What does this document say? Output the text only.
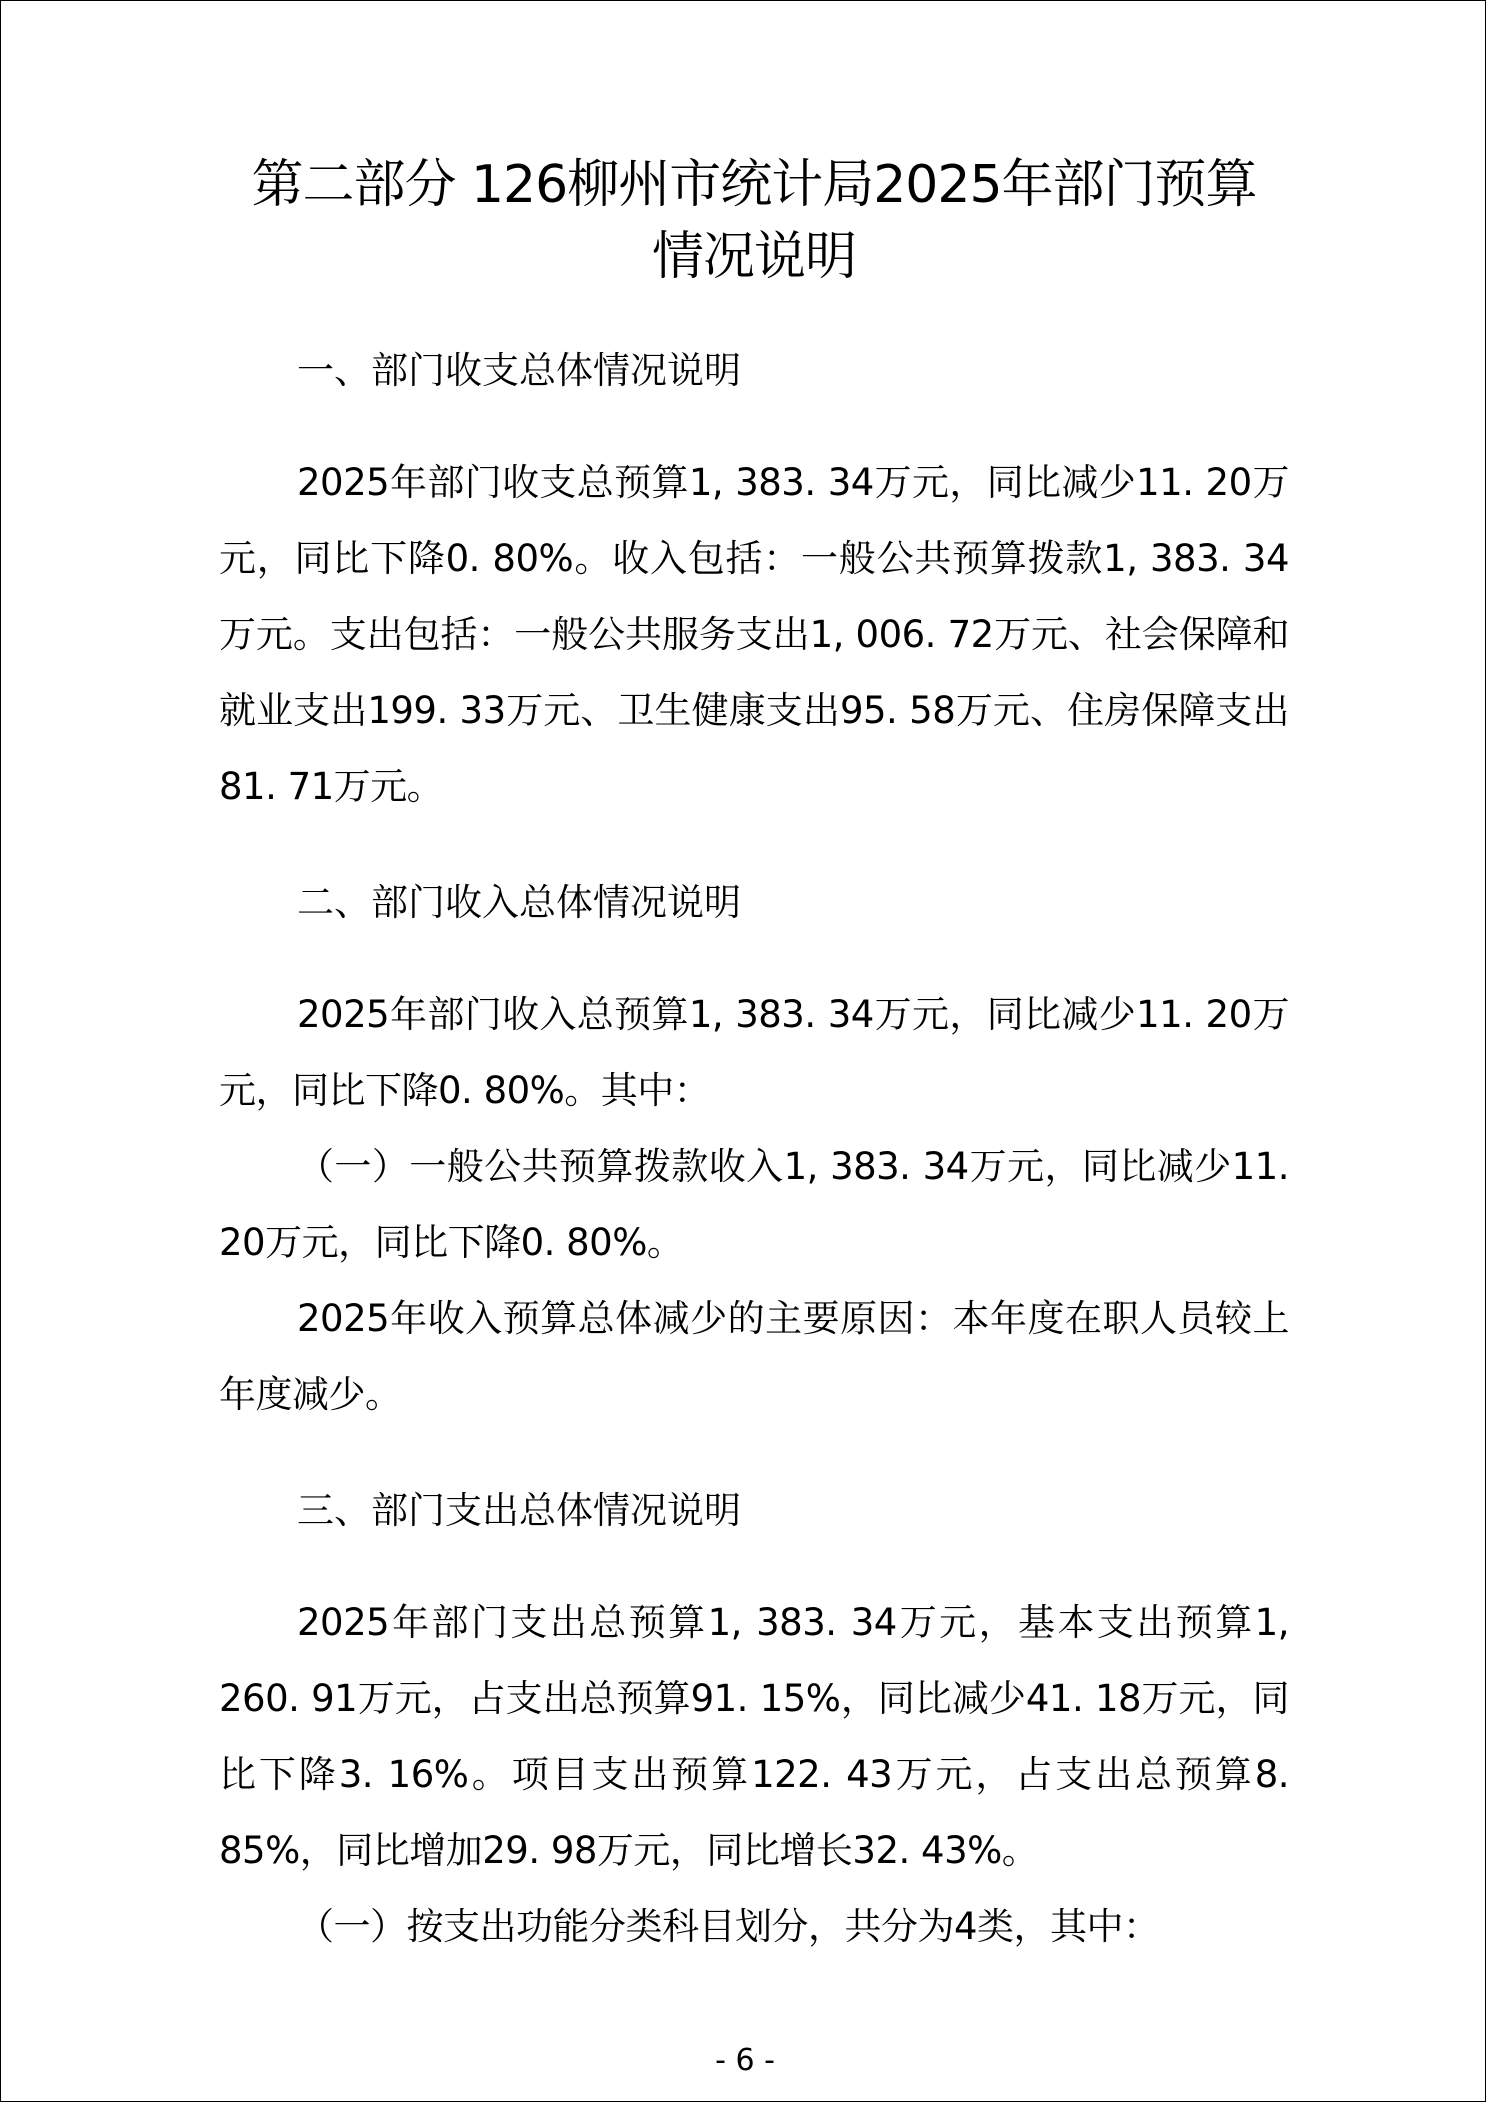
第二部分 126柳州市统计局2025年部门预算
情况说明
一、部门收支总体情况说明

2025年部门收支总预算1, 383. 34万元，同比减少11. 20万元，同比下降0. 80%。收入包括：一般公共预算拨款1, 383. 34万元。支出包括：一般公共服务支出1, 006. 72万元、社会保障和就业支出199. 33万元、卫生健康支出95. 58万元、住房保障支出81. 71万元。

二、部门收入总体情况说明

2025年部门收入总预算1, 383. 34万元，同比减少11. 20万元，同比下降0. 80%。其中：

（一）一般公共预算拨款收入1, 383. 34万元，同比减少11. 20万元，同比下降0. 80%。

2025年收入预算总体减少的主要原因：本年度在职人员较上年度减少。

三、部门支出总体情况说明

2025年部门支出总预算1, 383. 34万元，基本支出预算1, 260. 91万元，占支出总预算91. 15%，同比减少41. 18万元，同比下降3. 16%。项目支出预算122. 43万元，占支出总预算8. 85%，同比增加29. 98万元，同比增长32. 43%。

（一）按支出功能分类科目划分，共分为4类，其中：

- 6 -
